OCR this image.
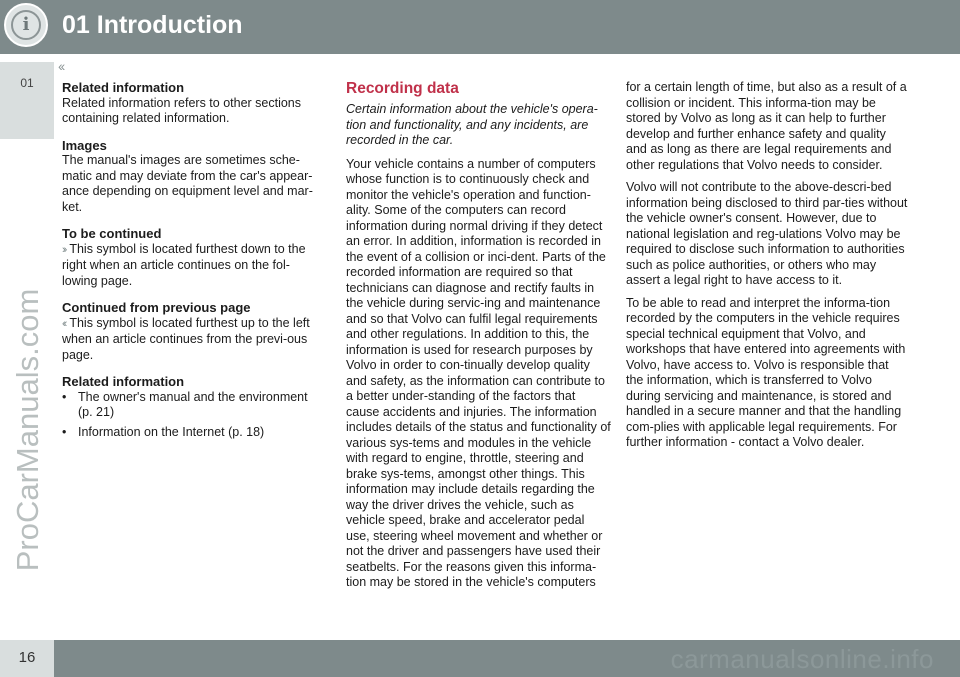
i	01 Introduction
01
ProCarManuals.com
‹‹
Related information

Related information refers to other sections containing related information.

Images

The manual's images are sometimes sche-matic and may deviate from the car's appear-ance depending on equipment level and mar-ket.

To be continued

›› This symbol is located furthest down to the right when an article continues on the fol-lowing page.

Continued from previous page

‹‹ This symbol is located furthest up to the left when an article continues from the previ-ous page.

Related information
• The owner's manual and the environment (p. 21)
• Information on the Internet (p. 18)
Recording data

Certain information about the vehicle's opera-tion and functionality, and any incidents, are recorded in the car.

Your vehicle contains a number of computers whose function is to continuously check and monitor the vehicle's operation and function-ality. Some of the computers can record information during normal driving if they detect an error. In addition, information is recorded in the event of a collision or inci-dent. Parts of the recorded information are required so that technicians can diagnose and rectify faults in the vehicle during servic-ing and maintenance and so that Volvo can fulfil legal requirements and other regulations. In addition to this, the information is used for research purposes by Volvo in order to con-tinually develop quality and safety, as the information can contribute to a better under-standing of the factors that cause accidents and injuries. The information includes details of the status and functionality of various sys-tems and modules in the vehicle with regard to engine, throttle, steering and brake sys-tems, amongst other things. This information may include details regarding the way the driver drives the vehicle, such as vehicle speed, brake and accelerator pedal use, steering wheel movement and whether or not the driver and passengers have used their seatbelts. For the reasons given this informa-tion may be stored in the vehicle's computers

for a certain length of time, but also as a result of a collision or incident. This informa-tion may be stored by Volvo as long as it can help to further develop and further enhance safety and quality and as long as there are legal requirements and other regulations that Volvo needs to consider.

Volvo will not contribute to the above-descri-bed information being disclosed to third par-ties without the vehicle owner's consent. However, due to national legislation and reg-ulations Volvo may be required to disclose such information to authorities such as police authorities, or others who may assert a legal right to have access to it.

To be able to read and interpret the informa-tion recorded by the computers in the vehicle requires special technical equipment that Volvo, and workshops that have entered into agreements with Volvo, have access to. Volvo is responsible that the information, which is transferred to Volvo during servicing and maintenance, is stored and handled in a secure manner and that the handling com-plies with applicable legal requirements. For further information - contact a Volvo dealer.

16	carmanualsonline.info
